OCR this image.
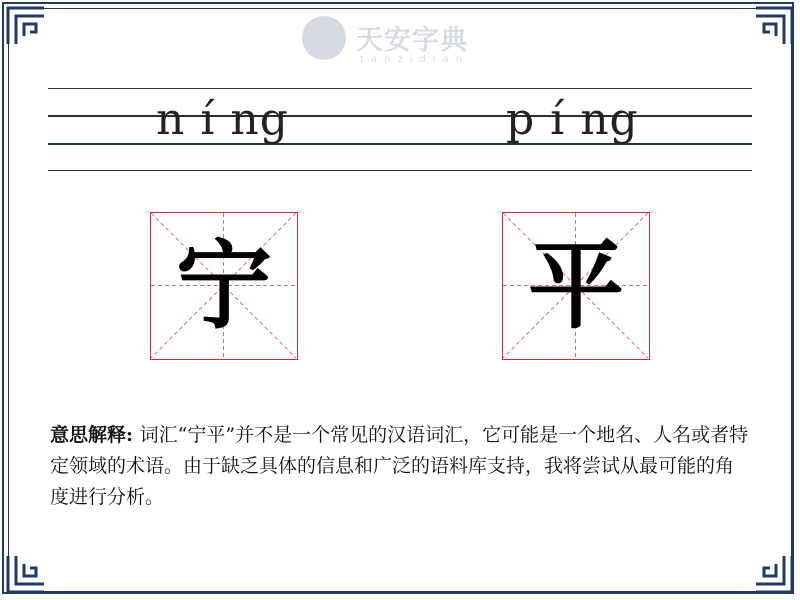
天安字典
tanzidian
n í ng	p í ng
宁	平
意思解释: 词汇“宁平”并不是一个常见的汉语词汇，它可能是一个地名、人名或者特定领域的术语。由于缺乏具体的信息和广泛的语料库支持，我将尝试从最可能的角度进行分析。
